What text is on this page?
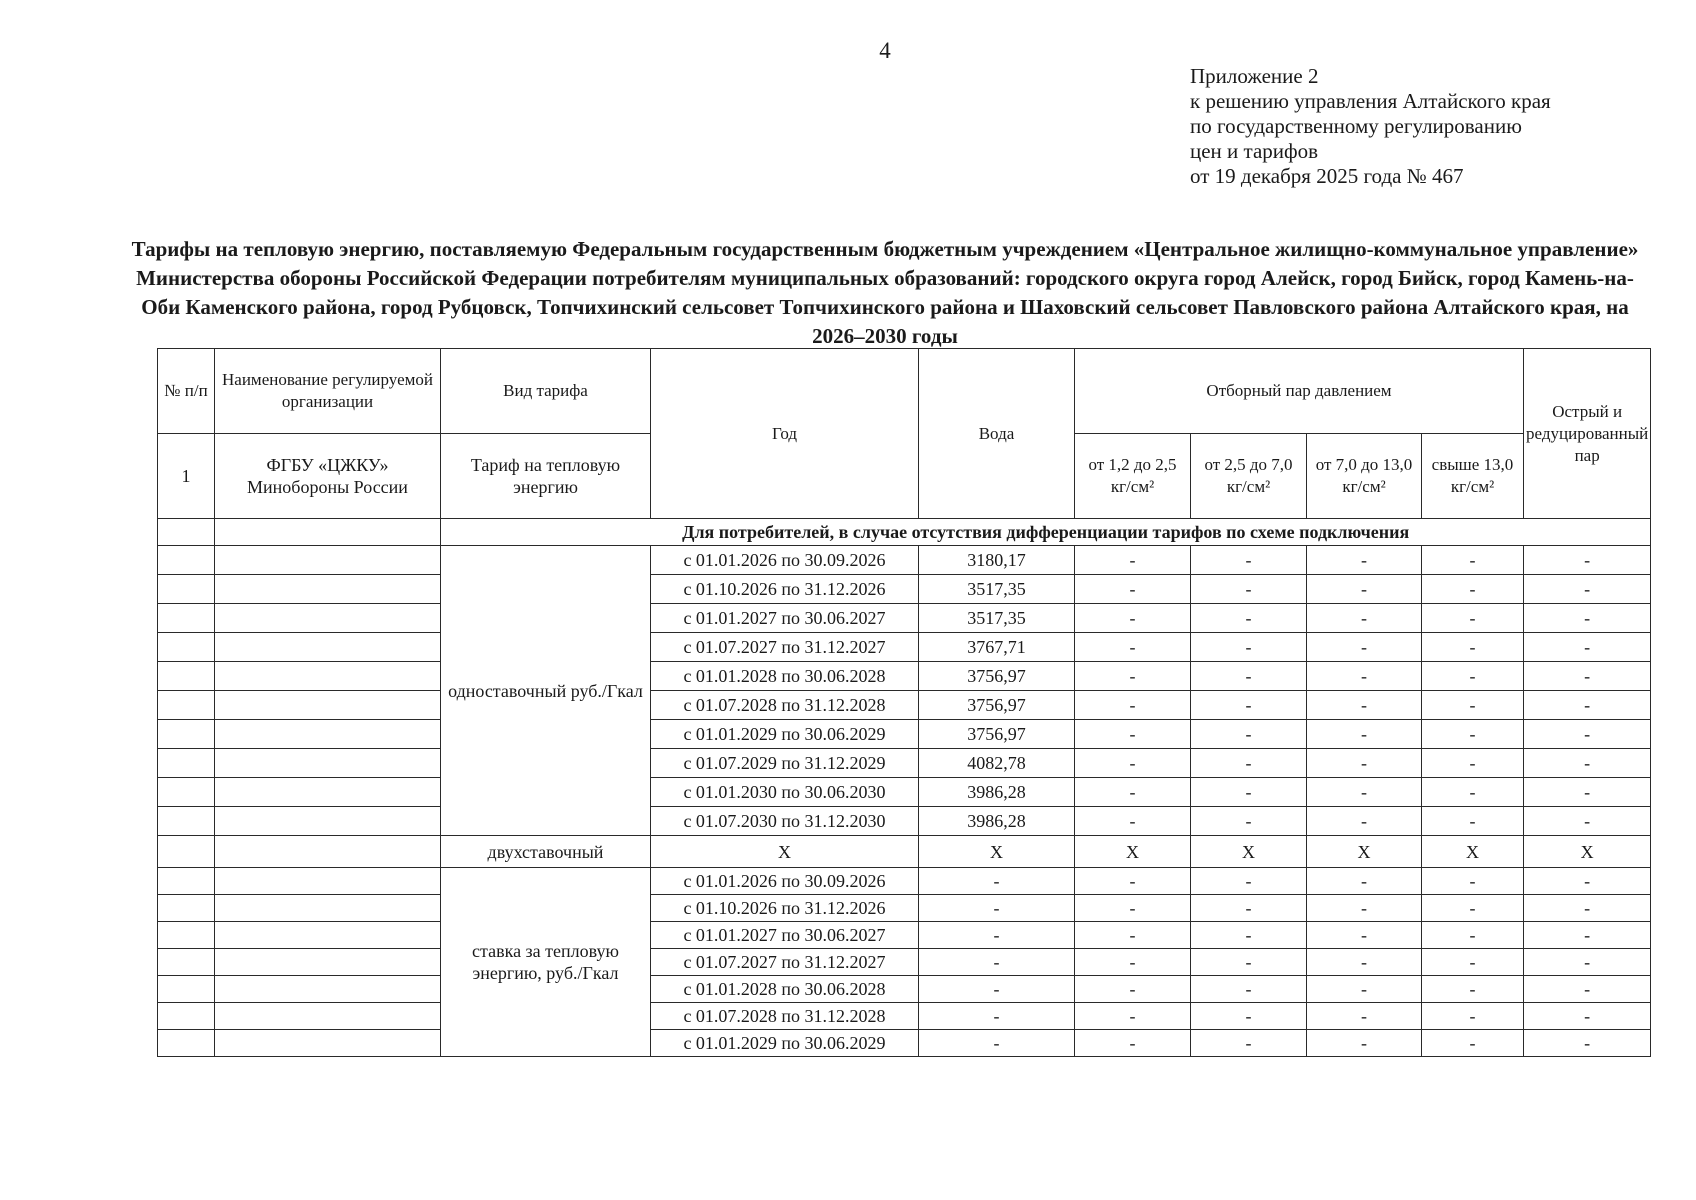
4
Приложение 2
к решению управления Алтайского края
по государственному регулированию
цен и тарифов
от 19 декабря 2025 года № 467
Тарифы на тепловую энергию, поставляемую Федеральным государственным бюджетным учреждением «Центральное жилищно-коммунальное управление» Министерства обороны Российской Федерации потребителям муниципальных образований: городского округа город Алейск, город Бийск, город Камень-на-Оби Каменского района, город Рубцовск, Топчихинский сельсовет Топчихинского района и Шаховский сельсовет Павловского района Алтайского края, на 2026–2030 годы
№ п/п	Наименование регулируемой организации	Вид тарифа	Год	Вода	Отборный пар давлением				Острый и редуцированный пар
1	ФГБУ «ЦЖКУ» Минобороны России	Тариф на тепловую энергию			от 1,2 до 2,5 кг/см²	от 2,5 до 7,0 кг/см²	от 7,0 до 13,0 кг/см²	свыше 13,0 кг/см²	
		Для потребителей, в случае отсутствия дифференциации тарифов по схеме подключения							
		одноставочный руб./Гкал	с 01.01.2026 по 30.09.2026	3180,17	-	-	-	-	-
			с 01.10.2026 по 31.12.2026	3517,35	-	-	-	-	-
			с 01.01.2027 по 30.06.2027	3517,35	-	-	-	-	-
			с 01.07.2027 по 31.12.2027	3767,71	-	-	-	-	-
			с 01.01.2028 по 30.06.2028	3756,97	-	-	-	-	-
			с 01.07.2028 по 31.12.2028	3756,97	-	-	-	-	-
			с 01.01.2029 по 30.06.2029	3756,97	-	-	-	-	-
			с 01.07.2029 по 31.12.2029	4082,78	-	-	-	-	-
			с 01.01.2030 по 30.06.2030	3986,28	-	-	-	-	-
			с 01.07.2030 по 31.12.2030	3986,28	-	-	-	-	-
		двухставочный	X	X	X	X	X	X	X
		ставка за тепловую энергию, руб./Гкал	с 01.01.2026 по 30.09.2026	-	-	-	-	-	-
			с 01.10.2026 по 31.12.2026	-	-	-	-	-	-
			с 01.01.2027 по 30.06.2027	-	-	-	-	-	-
			с 01.07.2027 по 31.12.2027	-	-	-	-	-	-
			с 01.01.2028 по 30.06.2028	-	-	-	-	-	-
			с 01.07.2028 по 31.12.2028	-	-	-	-	-	-
			с 01.01.2029 по 30.06.2029	-	-	-	-	-	-
